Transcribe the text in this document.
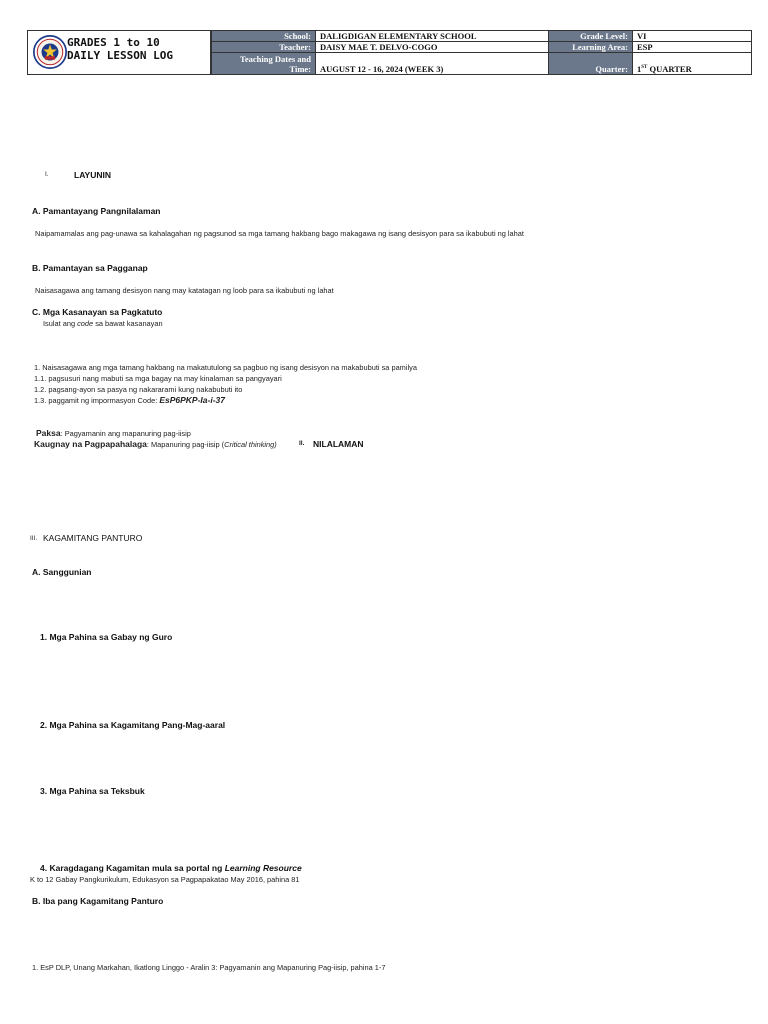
GRADES 1 to 10
DAILY LESSON LOG
School:	DALIGDIGAN ELEMENTARY SCHOOL	Grade Level:	VI
Teacher:	DAISY MAE T. DELVO-COGO	Learning Area:	ESP
Teaching Dates and
Time:	AUGUST 12 - 16, 2024 (WEEK 3)	Quarter:	1ST QUARTER
I.	LAYUNIN
A. Pamantayang Pangnilalaman
Naipamamalas ang pag-unawa sa kahalagahan ng pagsunod sa mga tamang hakbang bago makagawa ng isang desisyon para sa ikabubuti ng lahat
B. Pamantayan sa Pagganap
Naisasagawa ang tamang desisyon nang may katatagan ng loob para sa ikabubuti ng lahat
C. Mga Kasanayan sa Pagkatuto
Isulat ang code sa bawat kasanayan
1. Naisasagawa ang mga tamang hakbang na makatutulong sa pagbuo ng isang desisyon na makabubuti sa pamilya
1.1. pagsusuri nang mabuti sa mga bagay na may kinalaman sa pangyayari
1.2. pagsang-ayon sa pasya ng nakararami kung nakabubuti ito
1.3. paggamit ng impormasyon Code: EsP6PKP-Ia-i-37
Paksa: Pagyamanin ang mapanuring pag-iisip
Kaugnay na Pagpapahalaga: Mapanuring pag-iisip (Critical thinking)	II. NILALAMAN
III. KAGAMITANG PANTURO
A. Sanggunian
1. Mga Pahina sa Gabay ng Guro
2. Mga Pahina sa Kagamitang Pang-Mag-aaral
3. Mga Pahina sa Teksbuk
4. Karagdagang Kagamitan mula sa portal ng Learning Resource
K to 12 Gabay Pangkurikulum, Edukasyon sa Pagpapakatao May 2016, pahina 81
B. Iba pang Kagamitang Panturo
1. EsP DLP, Unang Markahan, Ikatlong Linggo - Aralin 3: Pagyamanin ang Mapanuring Pag-iisip, pahina 1-7
